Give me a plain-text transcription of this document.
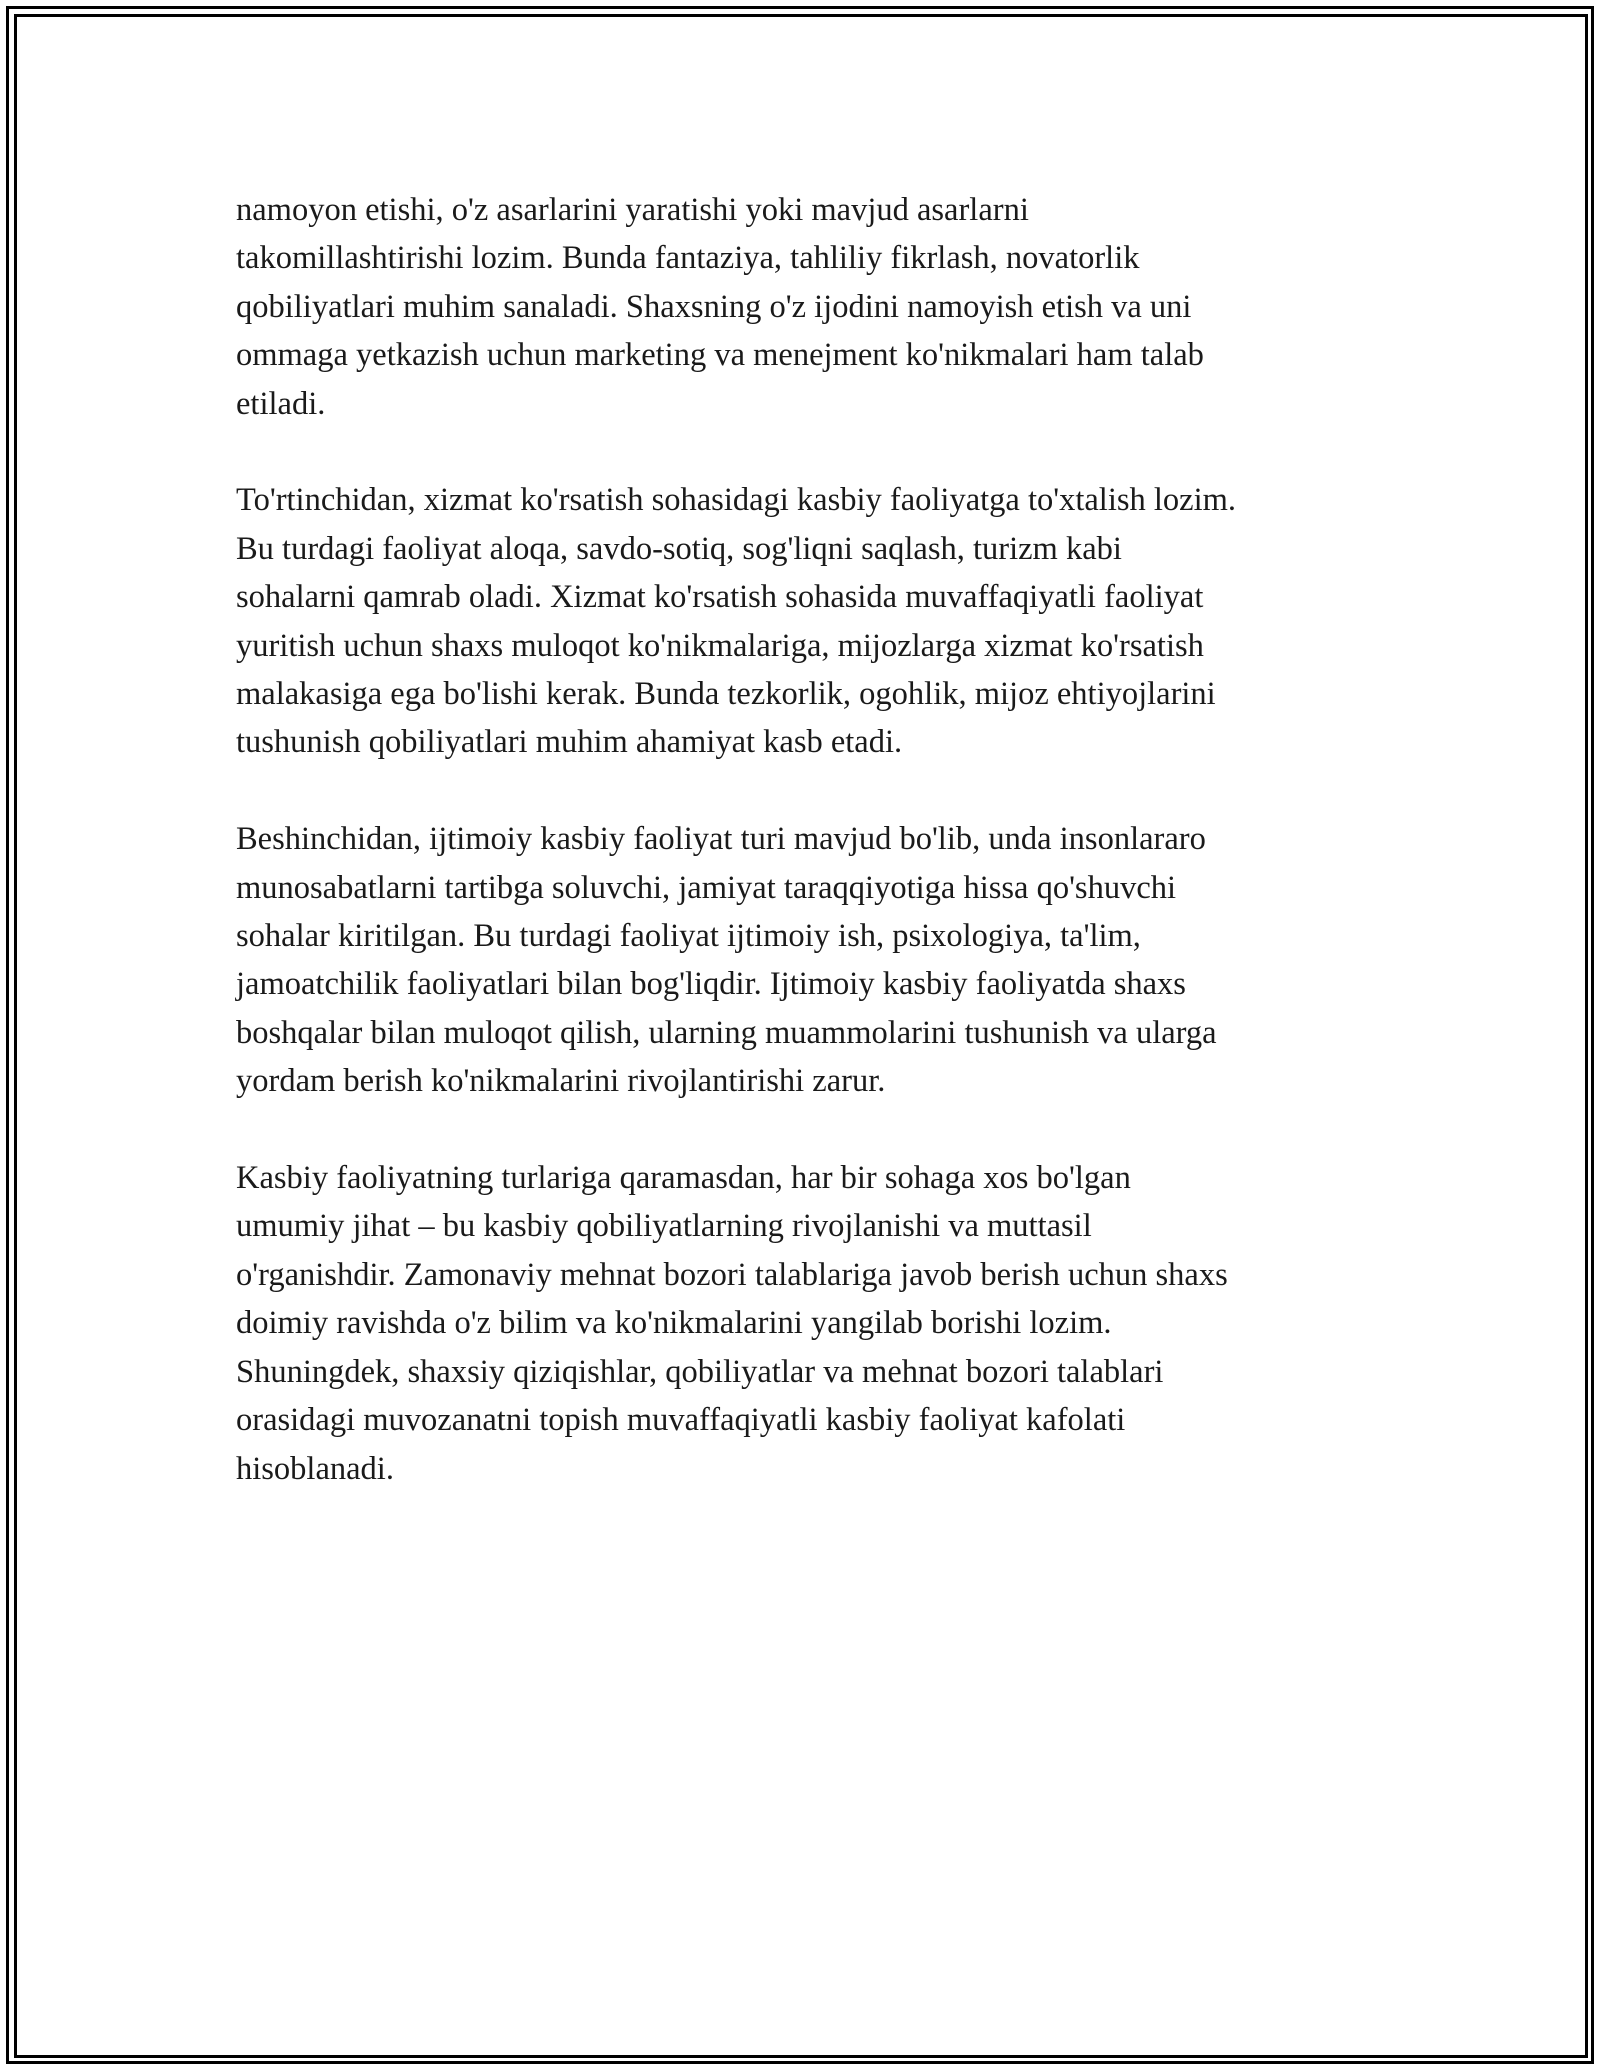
namoyon etishi, o'z asarlarini yaratishi yoki mavjud asarlarni
takomillashtirishi lozim. Bunda fantaziya, tahliliy fikrlash, novatorlik
qobiliyatlari muhim sanaladi. Shaxsning o'z ijodini namoyish etish va uni
ommaga yetkazish uchun marketing va menejment ko'nikmalari ham talab
etiladi.

To'rtinchidan, xizmat ko'rsatish sohasidagi kasbiy faoliyatga to'xtalish lozim.
Bu turdagi faoliyat aloqa, savdo-sotiq, sog'liqni saqlash, turizm kabi
sohalarni qamrab oladi. Xizmat ko'rsatish sohasida muvaffaqiyatli faoliyat
yuritish uchun shaxs muloqot ko'nikmalariga, mijozlarga xizmat ko'rsatish
malakasiga ega bo'lishi kerak. Bunda tezkorlik, ogohlik, mijoz ehtiyojlarini
tushunish qobiliyatlari muhim ahamiyat kasb etadi.

Beshinchidan, ijtimoiy kasbiy faoliyat turi mavjud bo'lib, unda insonlararo
munosabatlarni tartibga soluvchi, jamiyat taraqqiyotiga hissa qo'shuvchi
sohalar kiritilgan. Bu turdagi faoliyat ijtimoiy ish, psixologiya, ta'lim,
jamoatchilik faoliyatlari bilan bog'liqdir. Ijtimoiy kasbiy faoliyatda shaxs
boshqalar bilan muloqot qilish, ularning muammolarini tushunish va ularga
yordam berish ko'nikmalarini rivojlantirishi zarur.

Kasbiy faoliyatning turlariga qaramasdan, har bir sohaga xos bo'lgan
umumiy jihat – bu kasbiy qobiliyatlarning rivojlanishi va muttasil
o'rganishdir. Zamonaviy mehnat bozori talablariga javob berish uchun shaxs
doimiy ravishda o'z bilim va ko'nikmalarini yangilab borishi lozim.
Shuningdek, shaxsiy qiziqishlar, qobiliyatlar va mehnat bozori talablari
orasidagi muvozanatni topish muvaffaqiyatli kasbiy faoliyat kafolati
hisoblanadi.
